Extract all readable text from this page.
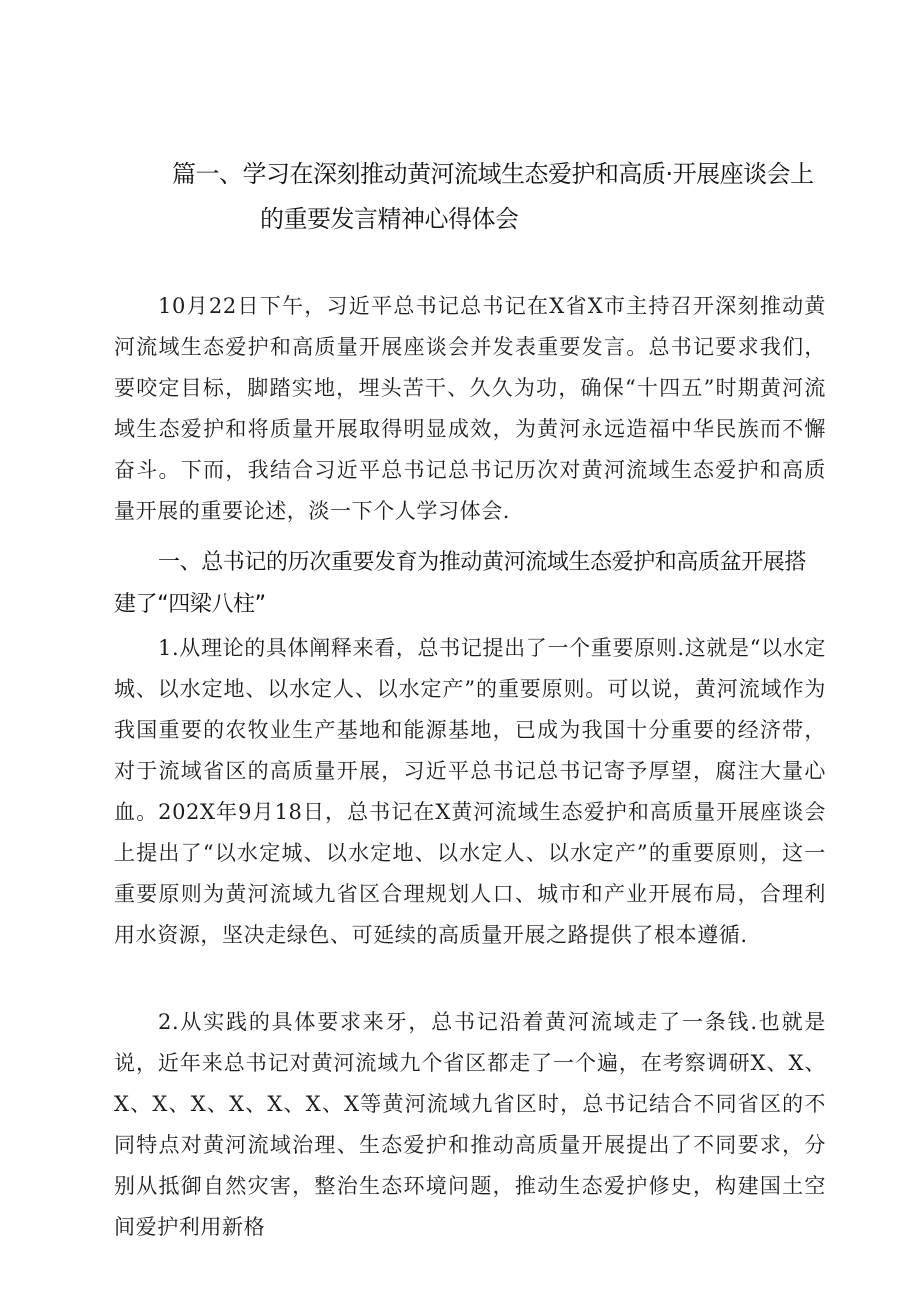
篇一、学习在深刻推动黄河流域生态爱护和高质·开展座谈会上
的重要发言精神心得体会

10月22日下午，习近平总书记总书记在X省X市主持召开深刻推动黄河流域生态爱护和高质量开展座谈会并发表重要发言。总书记要求我们，要咬定目标，脚踏实地，埋头苦干、久久为功，确保“十四五”时期黄河流域生态爱护和将质量开展取得明显成效，为黄河永远造福中华民族而不懈奋斗。下而，我结合习近平总书记总书记历次对黄河流域生态爱护和高质量开展的重要论述，淡一下个人学习体会.

一、总书记的历次重要发育为推动黄河流域生态爱护和高质盆开展搭建了“四梁八柱”

1.从理论的具体阐释来看，总书记提出了一个重要原则.这就是“以水定城、以水定地、以水定人、以水定产”的重要原则。可以说，黄河流域作为我国重要的农牧业生产基地和能源基地，已成为我国十分重要的经济带，对于流域省区的高质量开展，习近平总书记总书记寄予厚望，腐注大量心血。202X年9月18日，总书记在X黄河流域生态爱护和高质量开展座谈会上提出了“以水定城、以水定地、以水定人、以水定产”的重要原则，这一重要原则为黄河流域九省区合理规划人口、城市和产业开展布局，合理利用水资源，坚决走绿色、可延续的高质量开展之路提供了根本遵循.

2.从实践的具体要求来牙，总书记沿着黄河流域走了一条钱.也就是说，近年来总书记对黄河流域九个省区都走了一个遍，在考察调研X、X、X、X、X、X、X、X、X等黄河流域九省区时，总书记结合不同省区的不同特点对黄河流域治理、生态爱护和推动高质量开展提出了不同要求，分别从抵御自然灾害，整治生态环境问题，推动生态爱护修史，构建国土空间爱护利用新格
